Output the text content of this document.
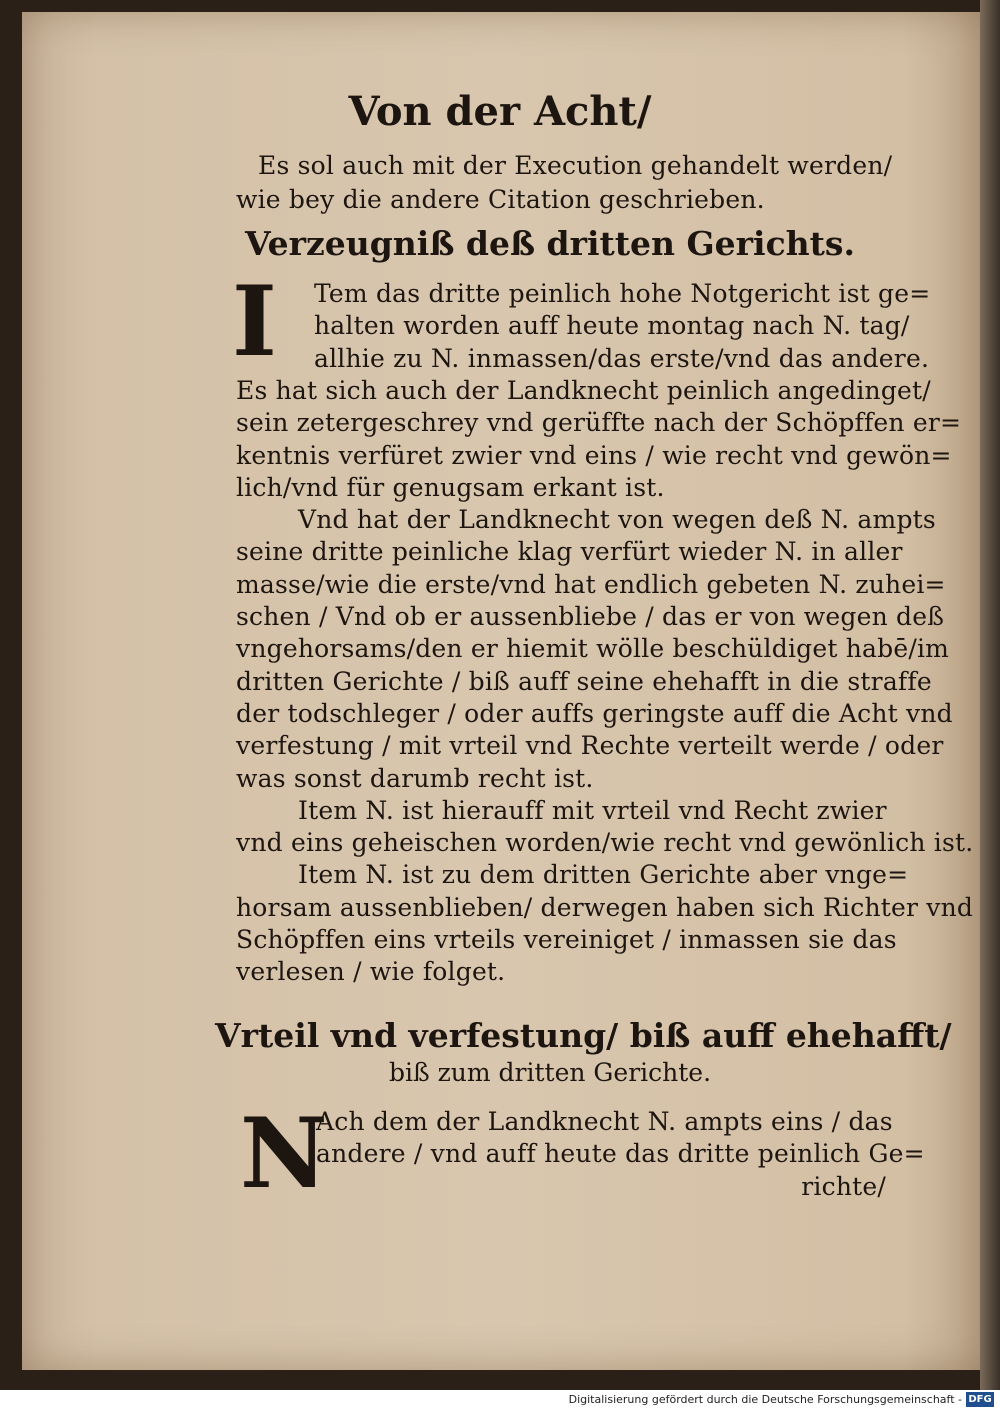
Von der Acht/
Es sol auch mit der Execution gehandelt werden/
wie bey die andere Citation geschrieben.
Verzeugniß deß dritten Gerichts.
I Tem das dritte peinlich hohe Notgericht ist ge=
halten worden auff heute montag nach N. tag/
allhie zu N. inmassen/das erste/vnd das andere.
Es hat sich auch der Landknecht peinlich angedinget/
sein zetergeschrey vnd gerüffte nach der Schöpffen er=
kentnis verfüret zwier vnd eins / wie recht vnd gewön=
lich/vnd für genugsam erkant ist.
Vnd hat der Landknecht von wegen deß N. ampts
seine dritte peinliche klag verfürt wieder N. in aller
masse/wie die erste/vnd hat endlich gebeten N. zuhei=
schen / Vnd ob er aussenbliebe / das er von wegen deß
vngehorsams/den er hiemit wölle beschüldiget habē/im
dritten Gerichte / biß auff seine ehehafft in die straffe
der todschleger / oder auffs geringste auff die Acht vnd
verfestung / mit vrteil vnd Rechte verteilt werde / oder
was sonst darumb recht ist.
Item N. ist hierauff mit vrteil vnd Recht zwier
vnd eins geheischen worden/wie recht vnd gewönlich ist.
Item N. ist zu dem dritten Gerichte aber vnge=
horsam aussenblieben/ derwegen haben sich Richter vnd
Schöpffen eins vrteils vereiniget / inmassen sie das
verlesen / wie folget.
Vrteil vnd verfestung/ biß auff ehehafft/
biß zum dritten Gerichte.
N
Ach dem der Landknecht N. ampts eins / das
andere / vnd auff heute das dritte peinlich Ge=
richte/
Digitalisierung gefördert durch die Deutsche Forschungsgemeinschaft - DFG
